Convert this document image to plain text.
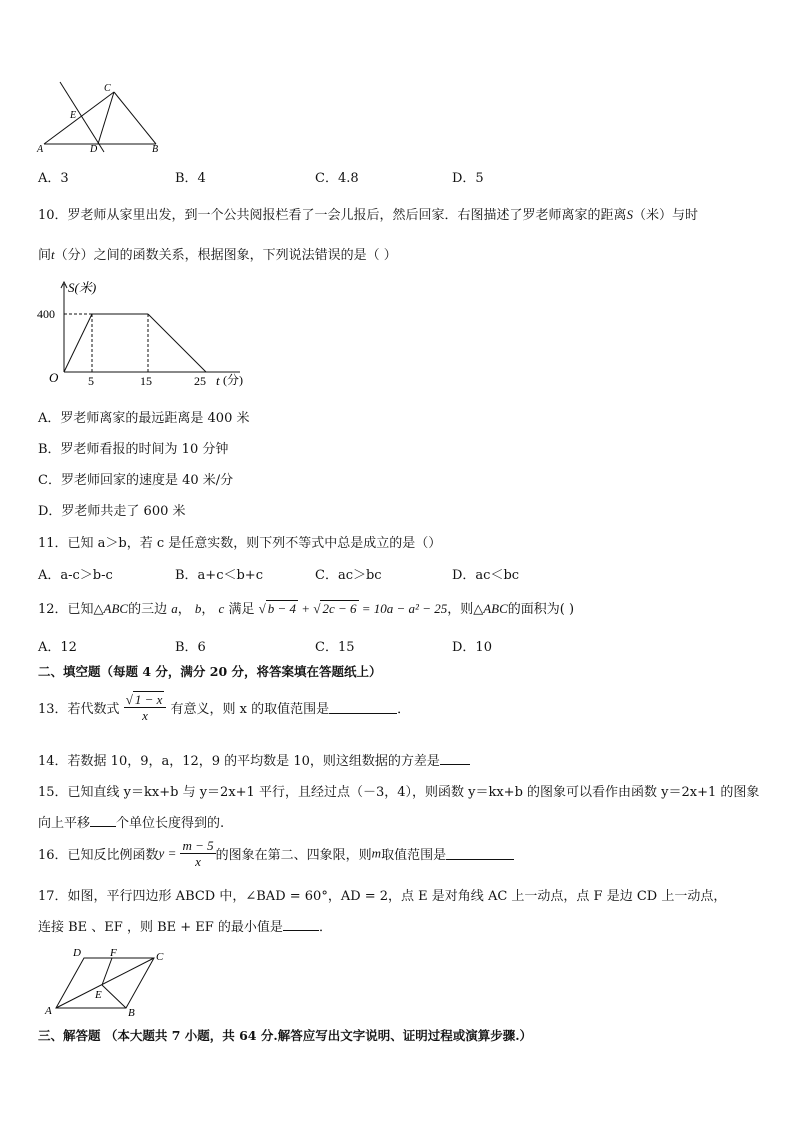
C
E
A	D	B
A．3	B．4	C．4.8	D．5
10．罗老师从家里出发，到一个公共阅报栏看了一会儿报后，然后回家．右图描述了罗老师离家的距离S（米）与时
间t（分）之间的函数关系，根据图象，下列说法错误的是（ ）
S(米)
400
O 5	15	25 t (分)
A．罗老师离家的最远距离是 400 米
B．罗老师看报的时间为 10 分钟
C．罗老师回家的速度是 40 米/分
D．罗老师共走了 600 米
11．已知 a＞b，若 c 是任意实数，则下列不等式中总是成立的是（）
A．a-c＞b-c	B．a+c＜b+c	C．ac＞bc	D．ac＜bc
12．已知△ABC的三边 a， b， c 满足 √ b − 4 + √ 2c − 6 = 10a − a² − 25，则△ABC的面积为( )
A．12	B．6	C．15	D．10
二、填空题（每题 4 分，满分 20 分，将答案填在答题纸上）
13．若代数式 $\frac{√ 1 - x}{x}$ 有意义，则 x 的取值范围是	．
14．若数据 10，9，a，12，9 的平均数是 10，则这组数据的方差是
15．已知直线 y＝kx+b 与 y＝2x+1 平行，且经过点（－3，4），则函数 y＝kx+b 的图象可以看作由函数 y＝2x+1 的图象
向上平移 个单位长度得到的.
16．已知反比例函数$y = \frac{m - 5}{x}$ 的图象在第二、四象限，则m取值范围是
17．如图，平行四边形 ABCD 中，∠BAD = 60°，AD = 2，点 E 是对角线 AC 上一动点，点 F 是边 CD 上一动点，
连接 BE 、EF ，则 BE + EF 的最小值是	．
D	F	C
E
A	B
三、解答题 （本大题共 7 小题，共 64 分.解答应写出文字说明、证明过程或演算步骤.）
